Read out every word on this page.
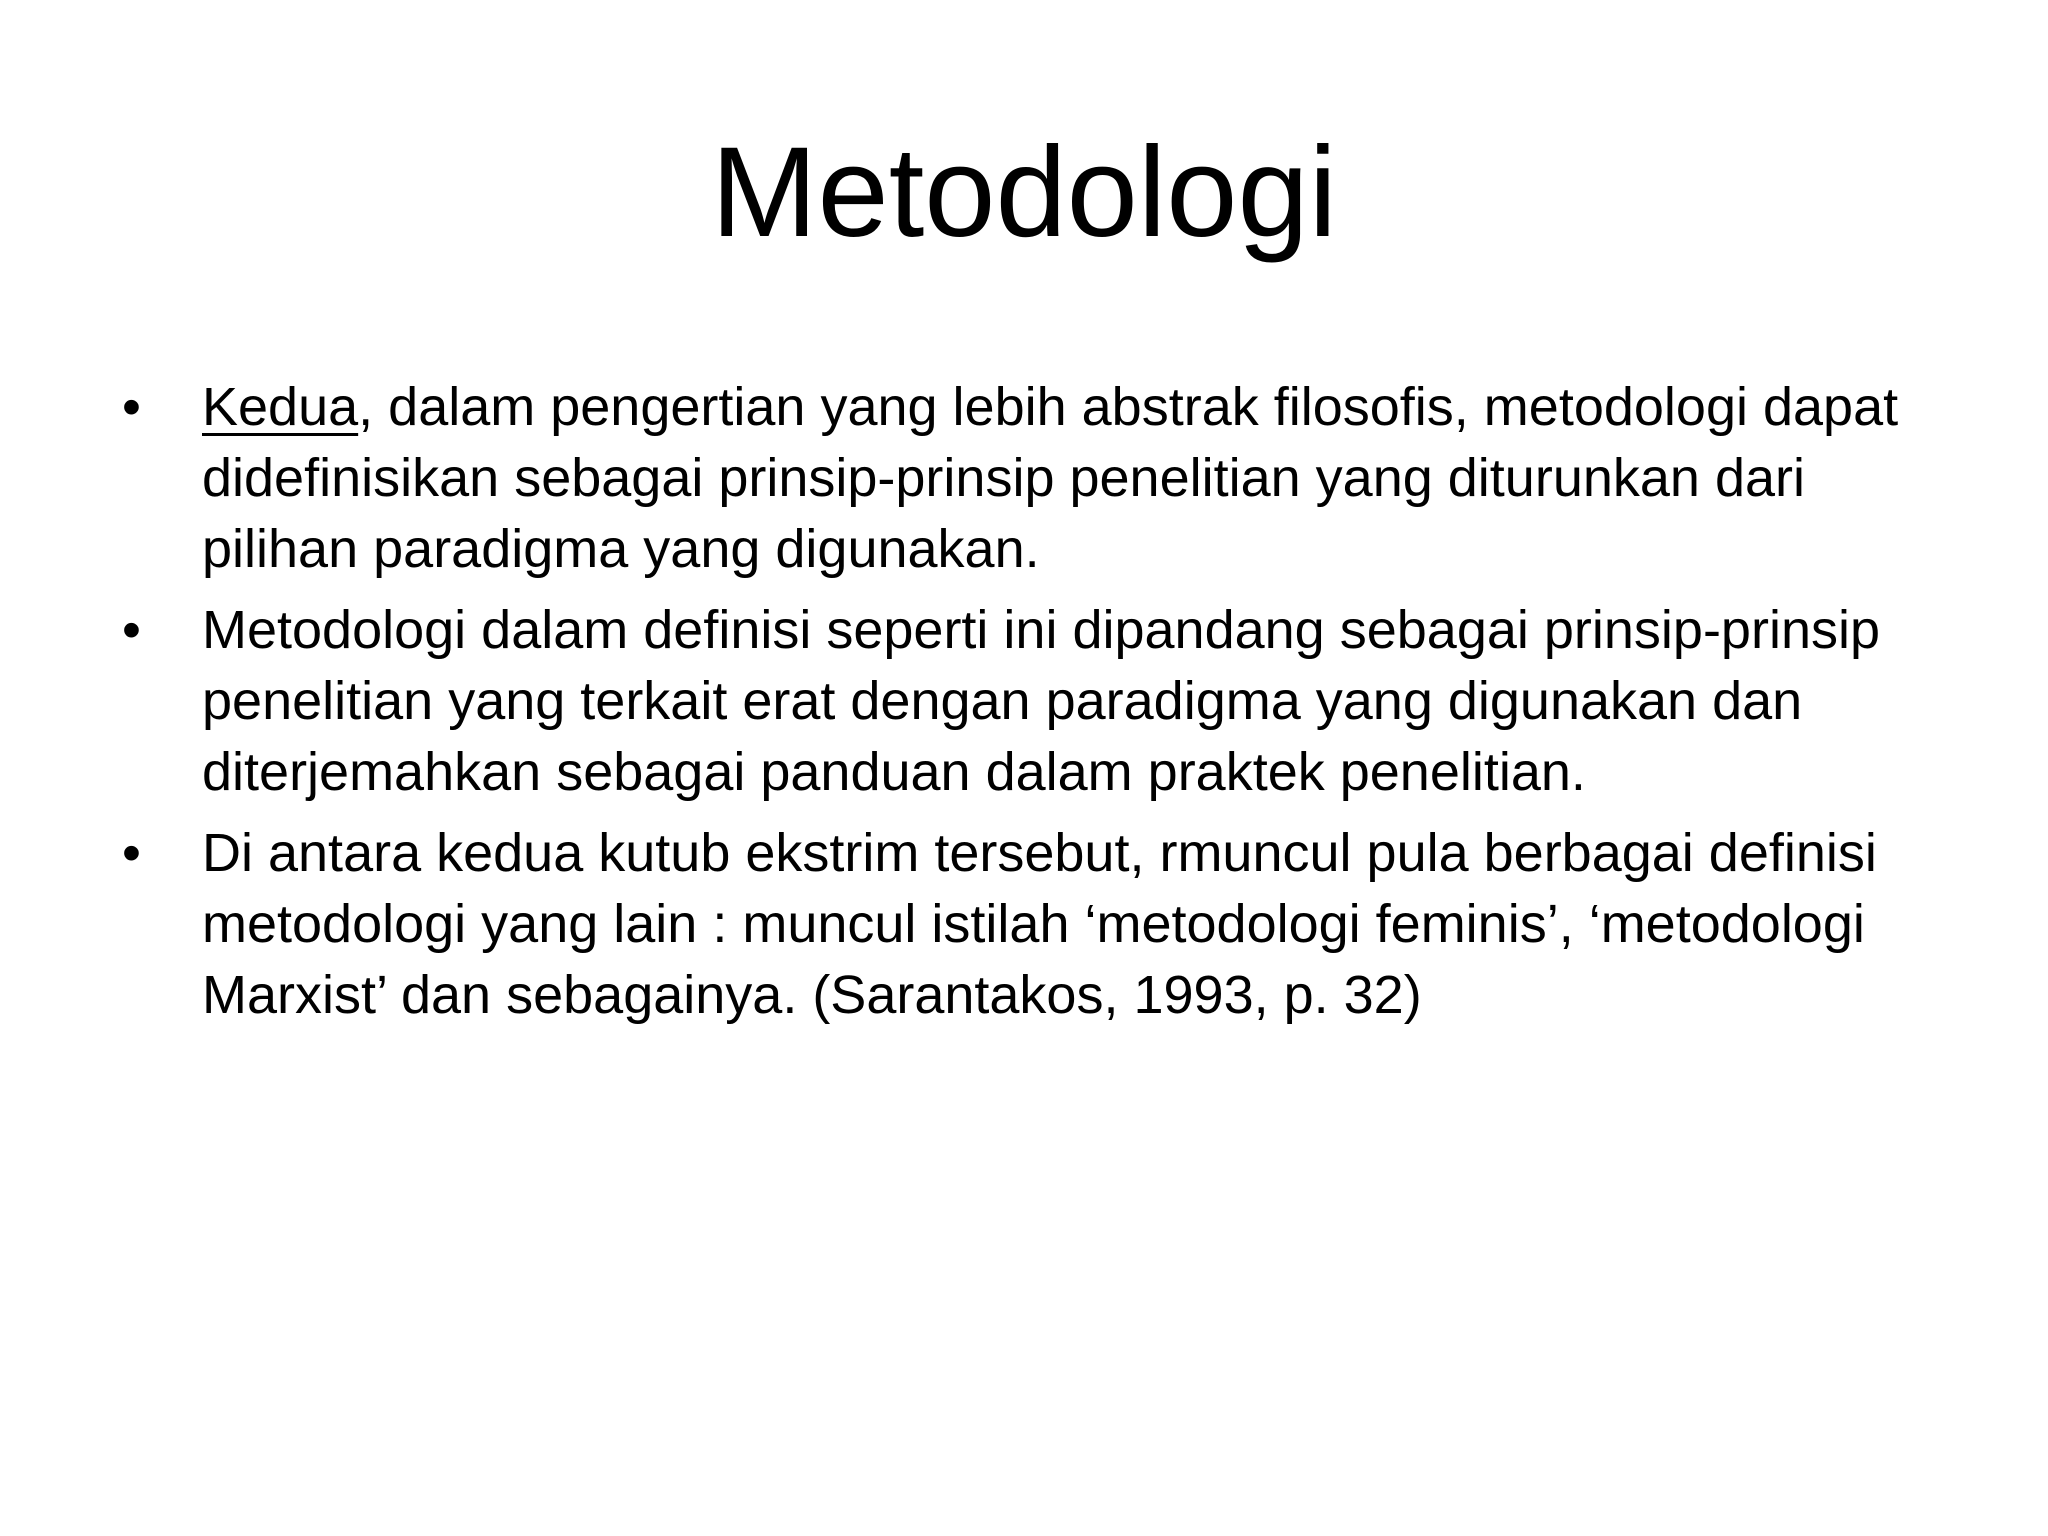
Metodologi
• Kedua, dalam pengertian yang lebih abstrak filosofis, metodologi dapat didefinisikan sebagai prinsip-prinsip penelitian yang diturunkan dari pilihan paradigma yang digunakan.
• Metodologi dalam definisi seperti ini dipandang sebagai prinsip-prinsip penelitian yang terkait erat dengan paradigma yang digunakan dan diterjemahkan sebagai panduan dalam praktek penelitian.
• Di antara kedua kutub ekstrim tersebut, rmuncul pula berbagai definisi metodologi yang lain : muncul istilah ‘metodologi feminis’, ‘metodologi Marxist’ dan sebagainya. (Sarantakos, 1993, p. 32)
